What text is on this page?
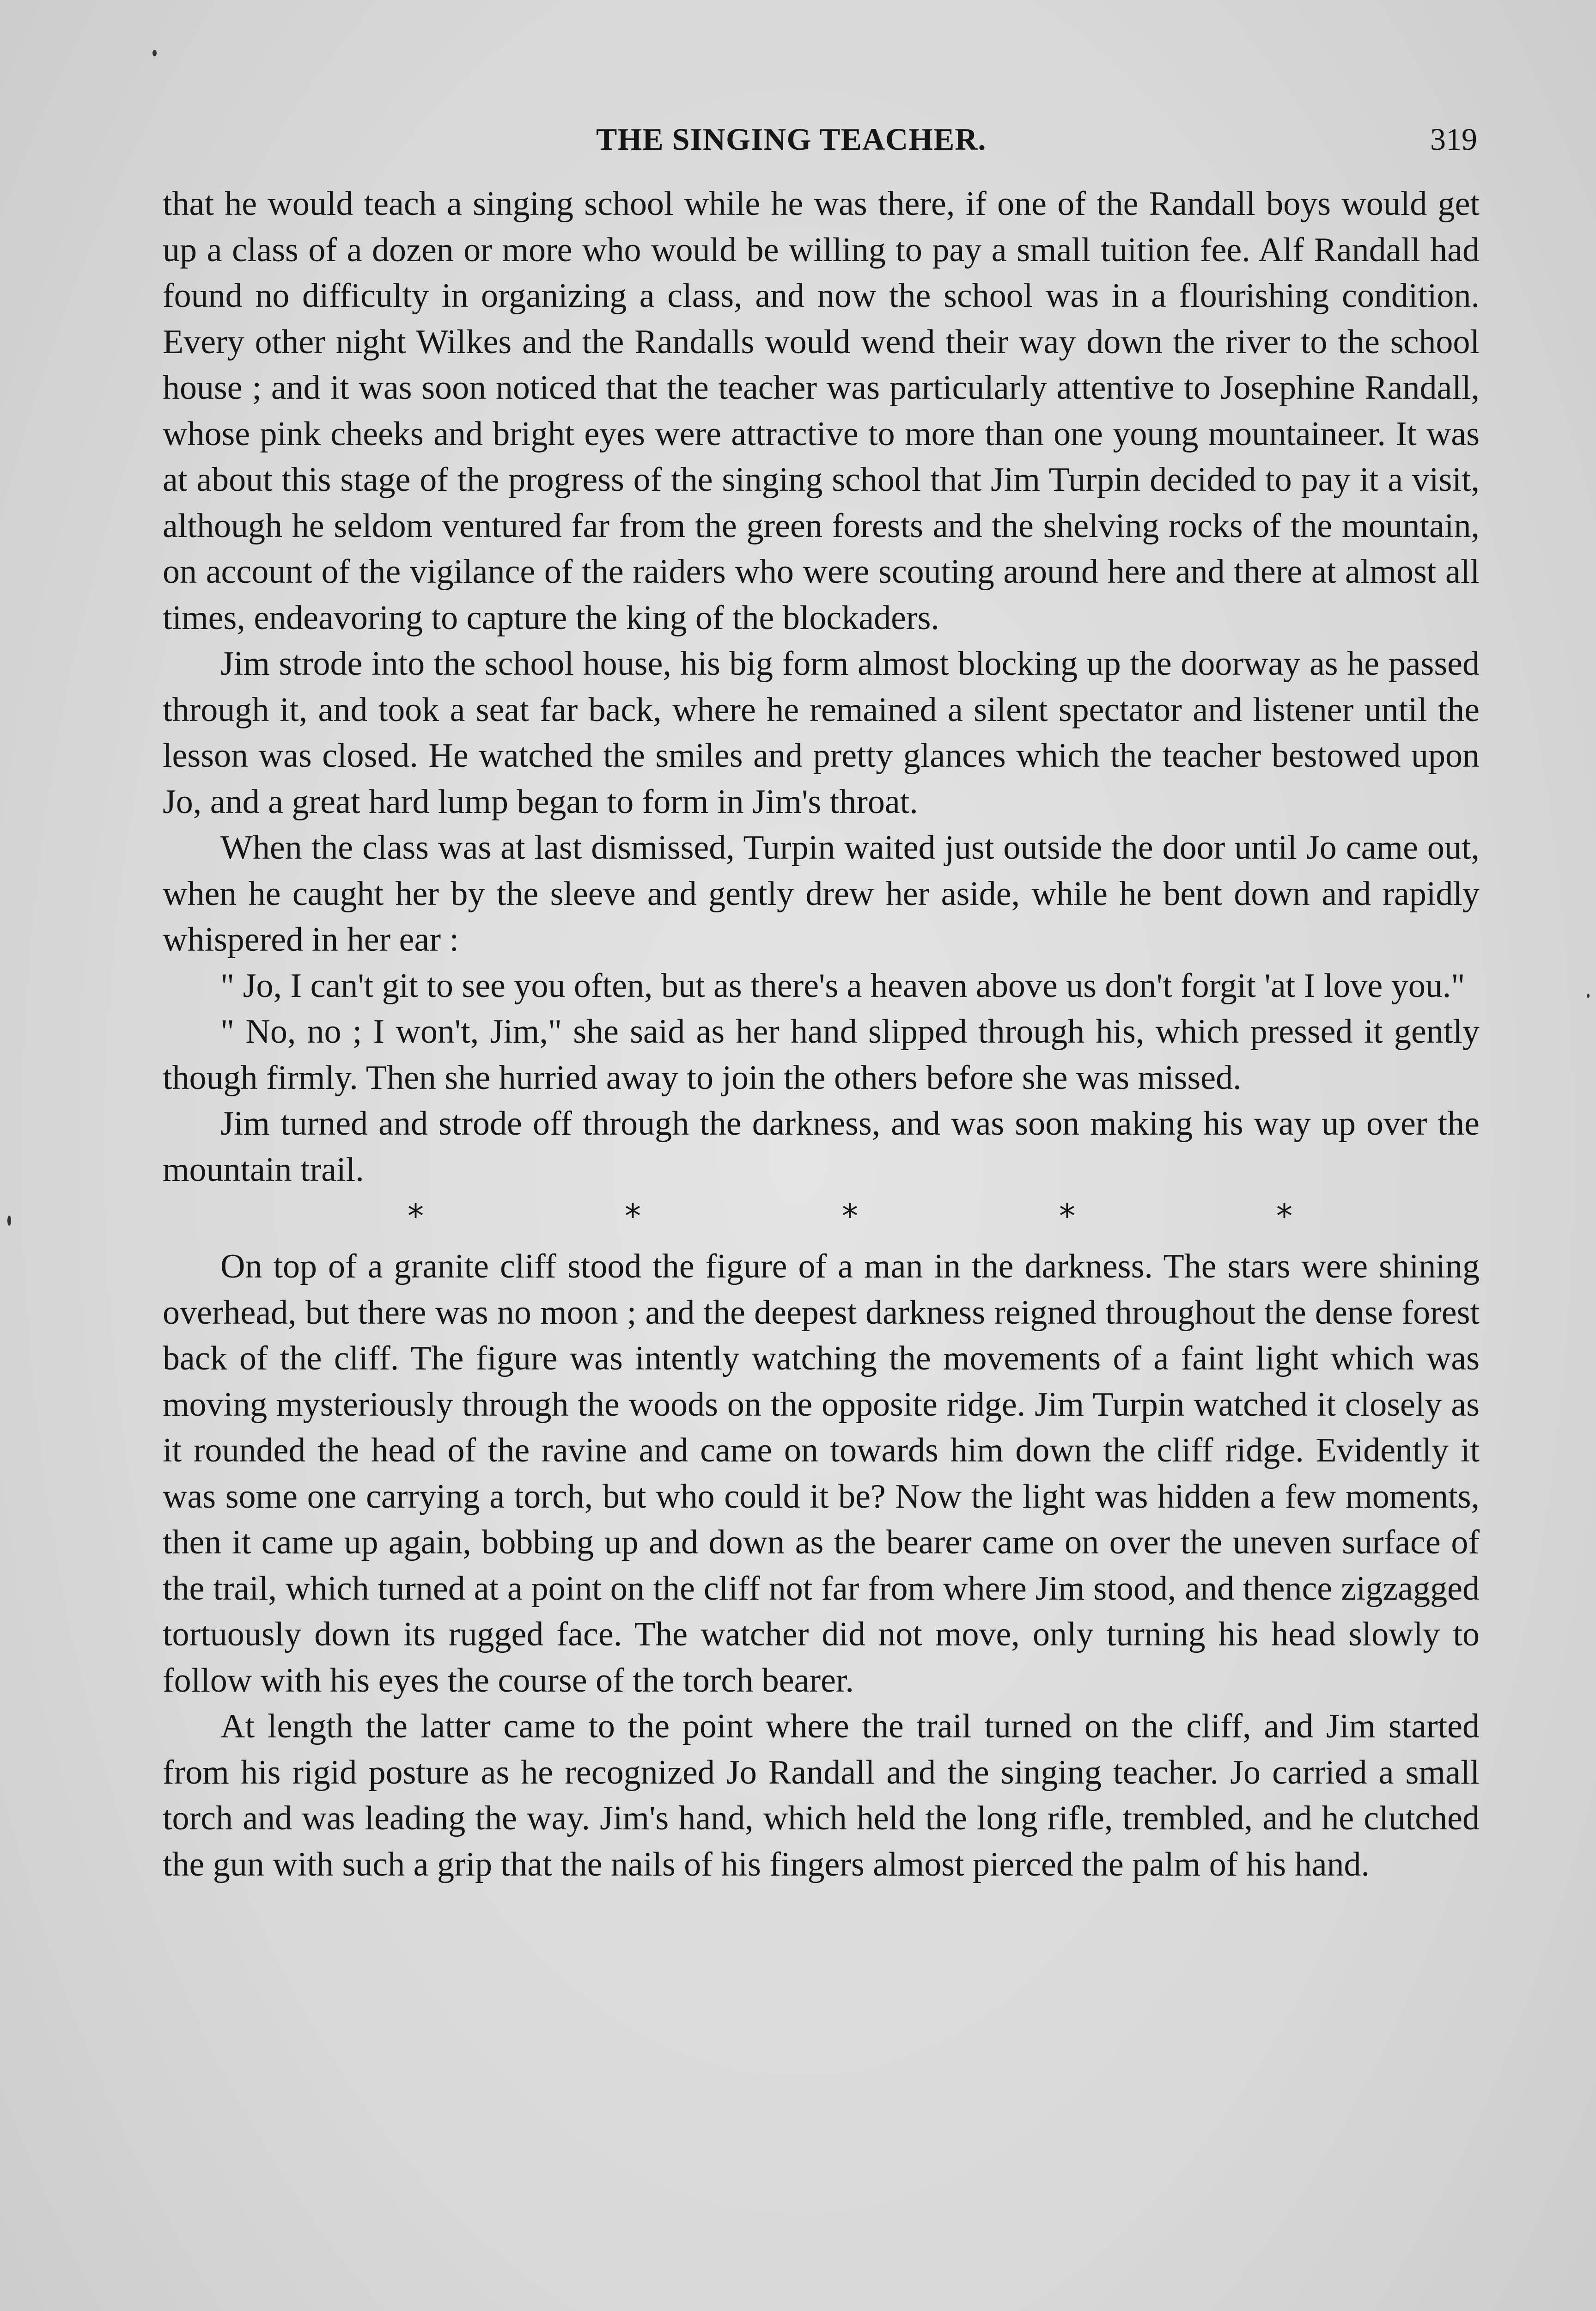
THE SINGING TEACHER.	319

that he would teach a singing school while he was there, if one of the Randall boys would get up a class of a dozen or more who would be willing to pay a small tuition fee. Alf Randall had found no difficulty in organizing a class, and now the school was in a flourishing condition. Every other night Wilkes and the Randalls would wend their way down the river to the school house ; and it was soon noticed that the teacher was particularly attentive to Josephine Randall, whose pink cheeks and bright eyes were attractive to more than one young mountaineer. It was at about this stage of the progress of the singing school that Jim Turpin decided to pay it a visit, although he seldom ventured far from the green forests and the shelving rocks of the mountain, on account of the vigilance of the raiders who were scouting around here and there at almost all times, endeavoring to capture the king of the blockaders.

Jim strode into the school house, his big form almost blocking up the doorway as he passed through it, and took a seat far back, where he remained a silent spectator and listener until the lesson was closed. He watched the smiles and pretty glances which the teacher bestowed upon Jo, and a great hard lump began to form in Jim's throat.

When the class was at last dismissed, Turpin waited just outside the door until Jo came out, when he caught her by the sleeve and gently drew her aside, while he bent down and rapidly whispered in her ear :

" Jo, I can't git to see you often, but as there's a heaven above us don't forgit 'at I love you."

" No, no ; I won't, Jim," she said as her hand slipped through his, which pressed it gently though firmly. Then she hurried away to join the others before she was missed.

Jim turned and strode off through the darkness, and was soon making his way up over the mountain trail.

*	*	*	*	*

On top of a granite cliff stood the figure of a man in the darkness. The stars were shining overhead, but there was no moon ; and the deepest darkness reigned throughout the dense forest back of the cliff. The figure was intently watching the movements of a faint light which was moving mysteriously through the woods on the opposite ridge. Jim Turpin watched it closely as it rounded the head of the ravine and came on towards him down the cliff ridge. Evidently it was some one carrying a torch, but who could it be? Now the light was hidden a few moments, then it came up again, bobbing up and down as the bearer came on over the uneven surface of the trail, which turned at a point on the cliff not far from where Jim stood, and thence zigzagged tortuously down its rugged face. The watcher did not move, only turning his head slowly to follow with his eyes the course of the torch bearer.

At length the latter came to the point where the trail turned on the cliff, and Jim started from his rigid posture as he recognized Jo Randall and the singing teacher. Jo carried a small torch and was leading the way. Jim's hand, which held the long rifle, trembled, and he clutched the gun with such a grip that the nails of his fingers almost pierced the palm of his hand.
